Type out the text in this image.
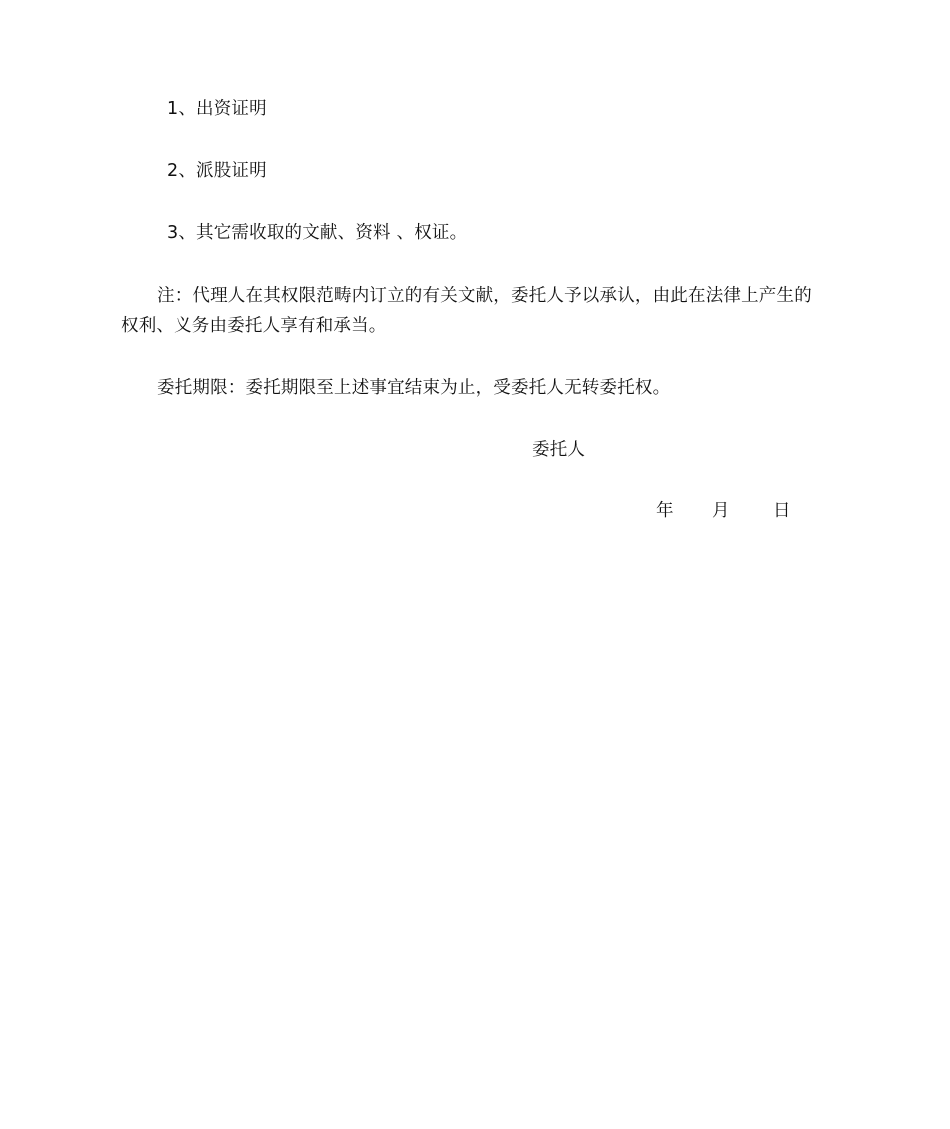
1、出资证明
2、派股证明
3、其它需收取的文献、资料 、权证。
注：代理人在其权限范畴内订立的有关文献，委托人予以承认，由此在法律上产生的
权利、义务由委托人享有和承当。
委托期限：委托期限至上述事宜结束为止，受委托人无转委托权。
委托人
年 月 日
